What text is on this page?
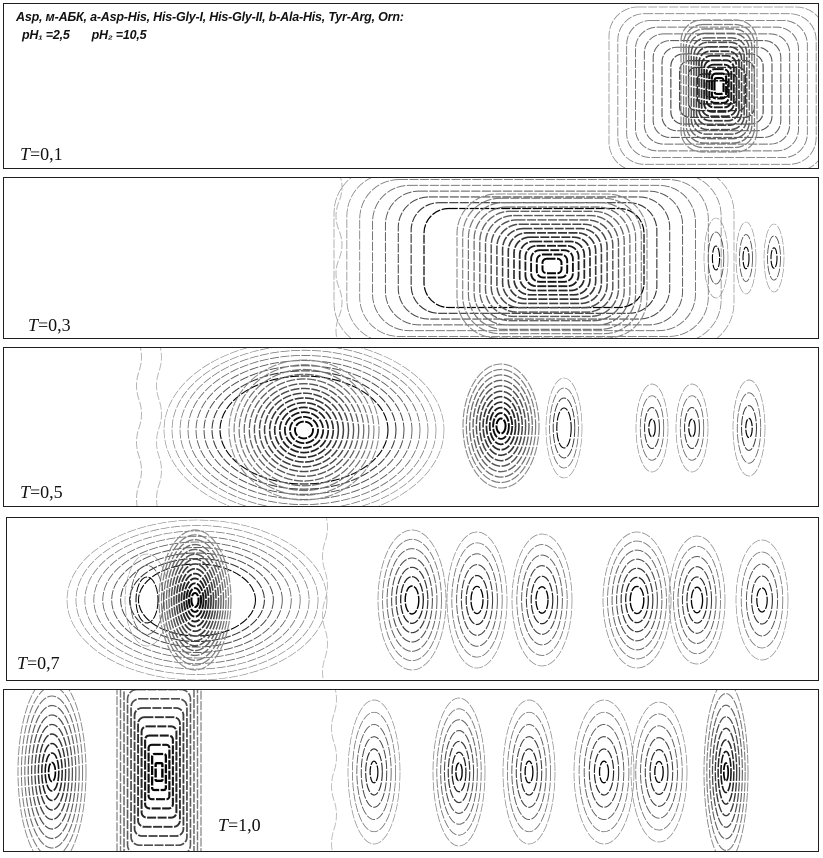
Asp, м-АБК, а-Asp-His, His-Gly-I, His-Gly-II, b-Ala-His, Tyr-Arg, Orn:
pH₁ =2,5 pH₂ =10,5
T=0,1
T=0,3
T=0,5
T=0,7
T=1,0
